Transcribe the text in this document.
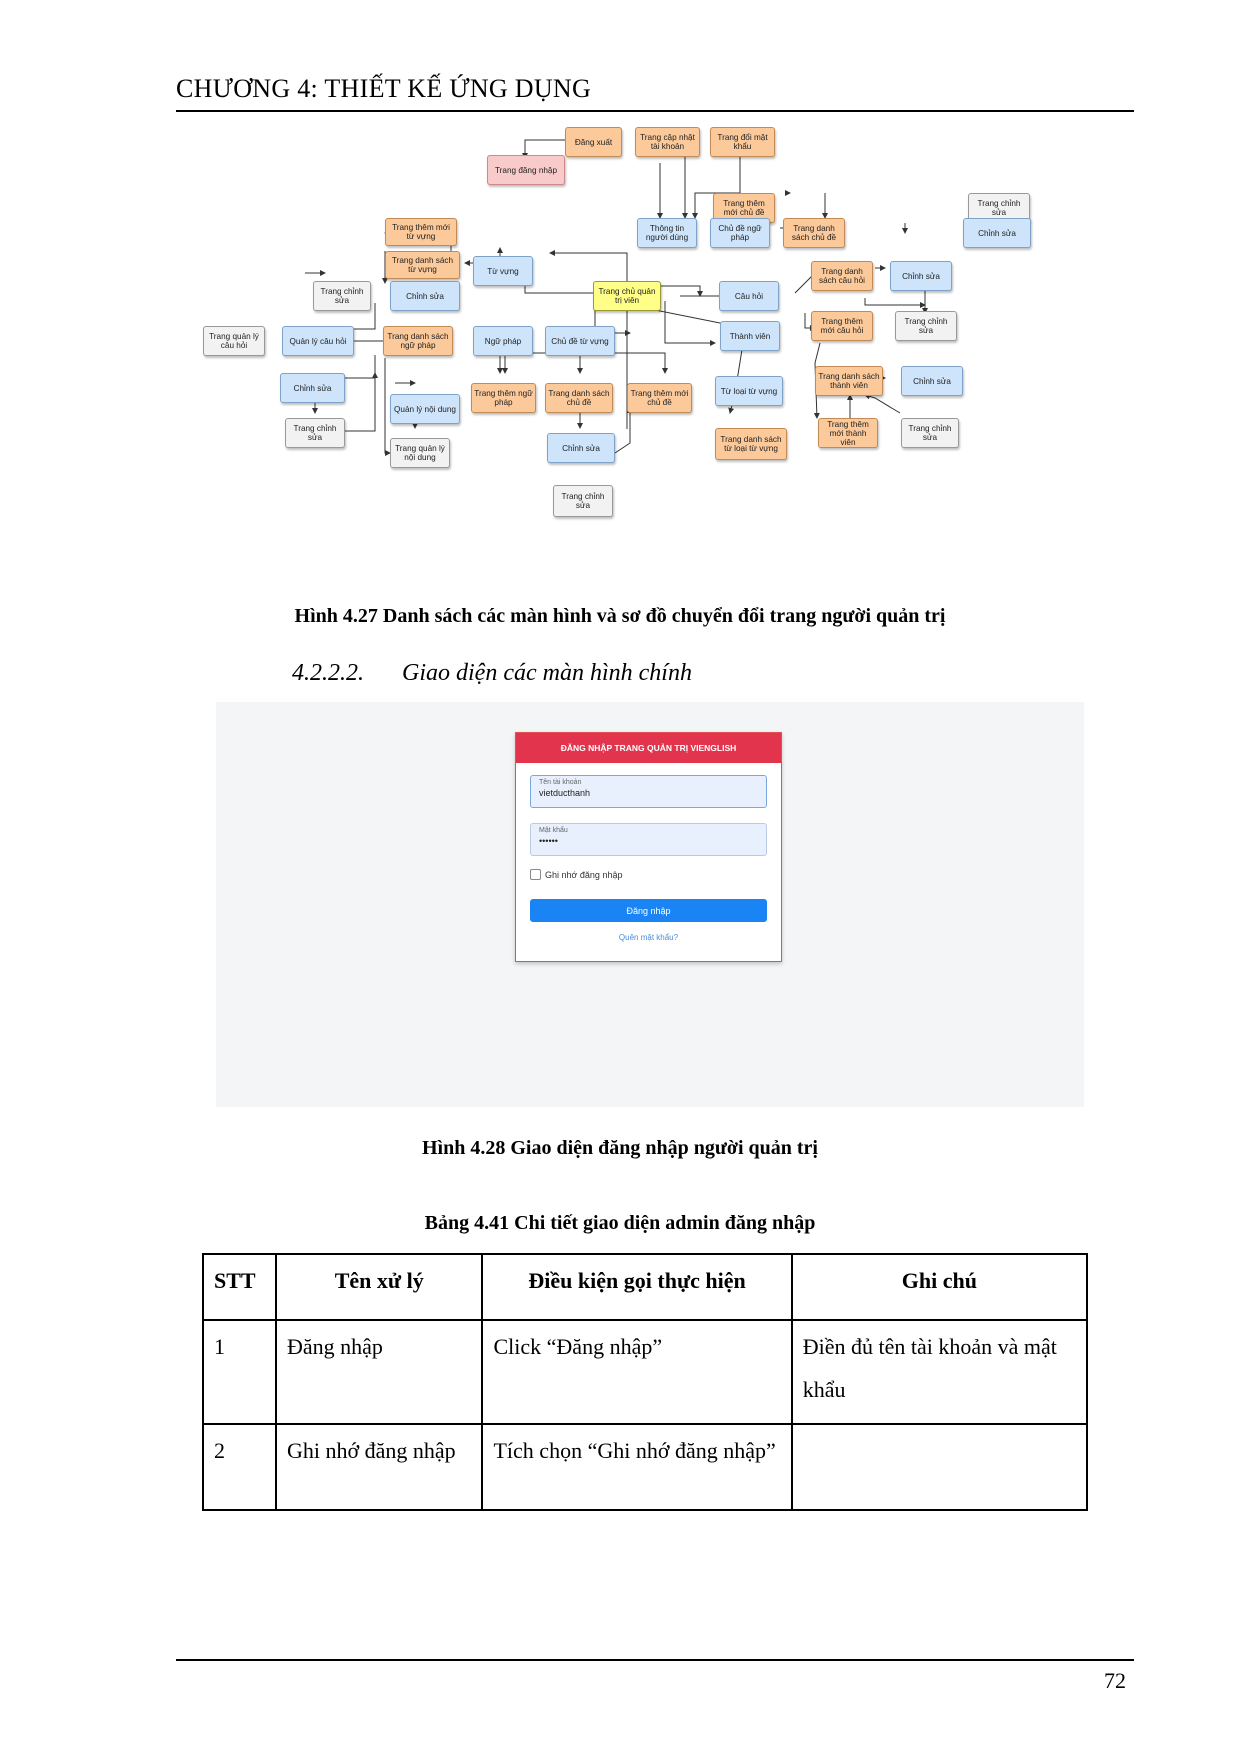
CHƯƠNG 4: THIẾT KẾ ỨNG DỤNG
Đăng xuất	Trang cập nhật tài khoản
Trang đổi mật khẩu
Trang đăng nhập
Trang thêm mới chủ đề
Trang chỉnh sửa
Trang thêm mới từ vựng
Thông tin người dùng
Chủ đề ngữ pháp
Trang danh sách chủ đề	Chỉnh sửa
Trang danh sách từ vựng	Từ vựng
Trang chỉnh sửa	Chỉnh sửa	Trang chủ quản trị viên	Câu hỏi
Trang danh sách câu hỏi	Chỉnh sửa
Trang quản lý câu hỏi	Quản lý câu hỏi	Trang danh sách ngữ pháp	Ngữ pháp	Chủ đề từ vựng
Thành viên
Trang thêm mới câu hỏi
Trang chỉnh sửa
Chỉnh sửa
Trang danh sách thành viên	Chỉnh sửa
Quản lý nội dung
Trang thêm ngữ pháp
Trang danh sách chủ đề
Trang thêm mới chủ đề
Từ loại từ vựng
Trang chỉnh sửa
Trang quản lý nội dung
Trang thêm mới thành viên
Trang chỉnh sửa
Chỉnh sửa
Trang danh sách từ loại từ vựng
Trang chỉnh sửa
Hình 4.27 Danh sách các màn hình và sơ đồ chuyển đổi trang người quản trị
4.2.2.2. Giao diện các màn hình chính
ĐĂNG NHẬP TRANG QUẢN TRỊ VIENGLISH
Tên tài khoản
vietducthanh
Mật khẩu
••••••
Ghi nhớ đăng nhập
Đăng nhập
Quên mật khẩu?
Hình 4.28 Giao diện đăng nhập người quản trị
Bảng 4.41 Chi tiết giao diện admin đăng nhập
STT	Tên xử lý	Điều kiện gọi thực hiện	Ghi chú
1	Đăng nhập	Click “Đăng nhập”	Điền đủ tên tài khoản và mật khẩu
2	Ghi nhớ đăng nhập	Tích chọn “Ghi nhớ đăng nhập”	
72
